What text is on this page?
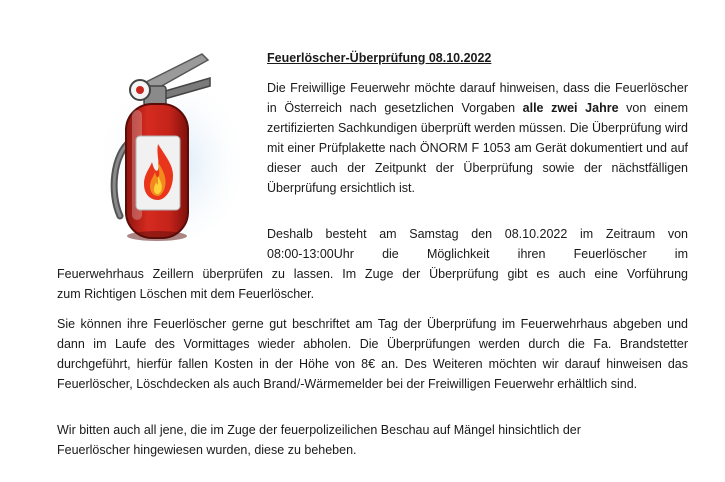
Feuerlöscher-Überprüfung 08.10.2022

Die Freiwillige Feuerwehr möchte darauf hinweisen, dass die Feuerlöscher in Österreich nach gesetzlichen Vorgaben alle zwei Jahre von einem zertifizierten Sachkundigen überprüft werden müssen. Die Überprüfung wird mit einer Prüfplakette nach ÖNORM F 1053 am Gerät dokumentiert und auf dieser auch der Zeitpunkt der Überprüfung sowie der nächstfälligen Überprüfung ersichtlich ist.

Deshalb besteht am Samstag den 08.10.2022 im Zeitraum von

08:00-13:00Uhr die Möglichkeit ihren Feuerlöscher im

Feuerwehrhaus Zeillern überprüfen zu lassen. Im Zuge der Überprüfung gibt es auch eine Vorführung

zum Richtigen Löschen mit dem Feuerlöscher.

Sie können ihre Feuerlöscher gerne gut beschriftet am Tag der Überprüfung im Feuerwehrhaus abgeben und dann im Laufe des Vormittages wieder abholen. Die Überprüfungen werden durch die Fa. Brandstetter durchgeführt, hierfür fallen Kosten in der Höhe von 8€ an. Des Weiteren möchten wir darauf hinweisen das Feuerlöscher, Löschdecken als auch Brand/-Wärmemelder bei der Freiwilligen Feuerwehr erhältlich sind.

Wir bitten auch all jene, die im Zuge der feuerpolizeilichen Beschau auf Mängel hinsichtlich der Feuerlöscher hingewiesen wurden, diese zu beheben.
